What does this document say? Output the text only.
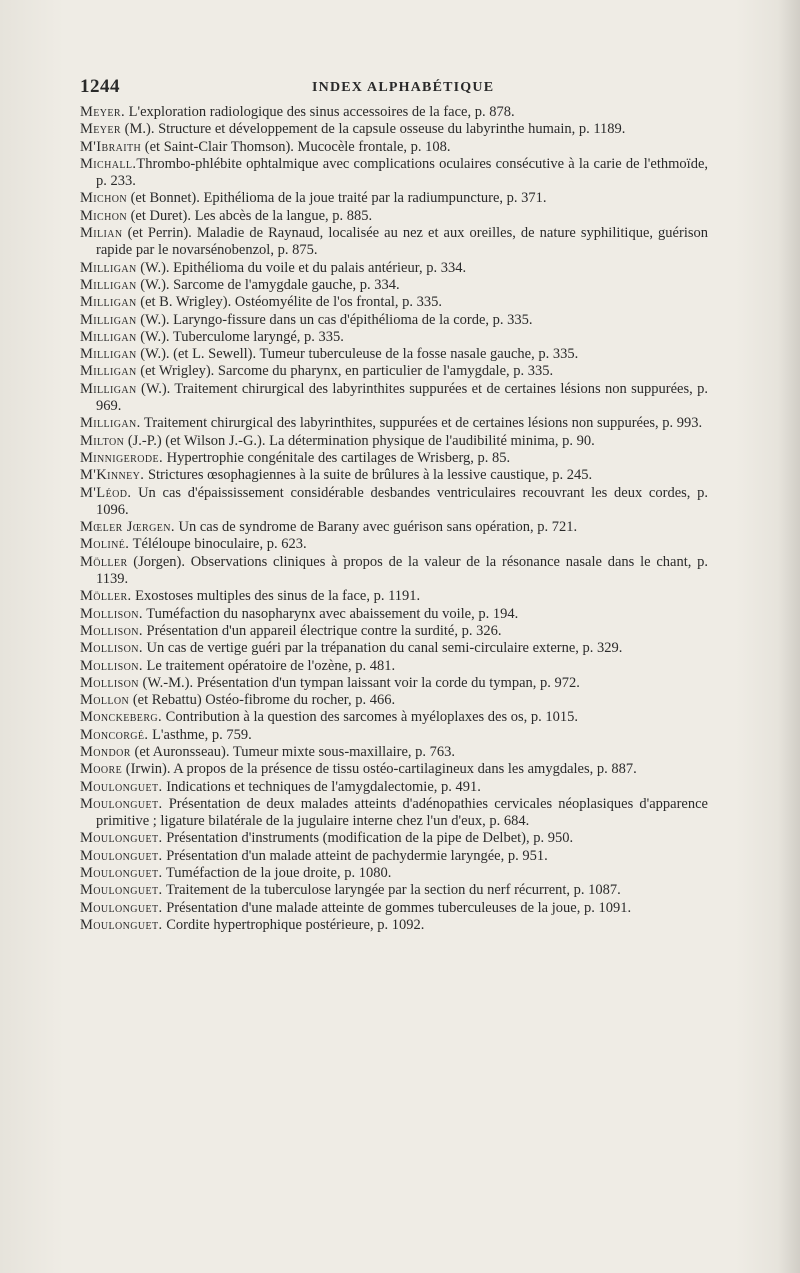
1244	INDEX ALPHABÉTIQUE

Meyer. L'exploration radiologique des sinus accessoires de la face, p. 878.

Meyer (M.). Structure et développement de la capsule osseuse du labyrinthe humain, p. 1189.

M'Ibraith (et Saint-Clair Thomson). Mucocèle frontale, p. 108.

Michall.Thrombo-phlébite ophtalmique avec complications oculaires consécutive à la carie de l'ethmoïde, p. 233.

Michon (et Bonnet). Epithélioma de la joue traité par la radiumpuncture, p. 371.

Michon (et Duret). Les abcès de la langue, p. 885.

Milian (et Perrin). Maladie de Raynaud, localisée au nez et aux oreilles, de nature syphilitique, guérison rapide par le novarsénobenzol, p. 875.

Milligan (W.). Epithélioma du voile et du palais antérieur, p. 334.

Milligan (W.). Sarcome de l'amygdale gauche, p. 334.

Milligan (et B. Wrigley). Ostéomyélite de l'os frontal, p. 335.

Milligan (W.). Laryngo-fissure dans un cas d'épithélioma de la corde, p. 335.

Milligan (W.). Tuberculome laryngé, p. 335.

Milligan (W.). (et L. Sewell). Tumeur tuberculeuse de la fosse nasale gauche, p. 335.

Milligan (et Wrigley). Sarcome du pharynx, en particulier de l'amygdale, p. 335.

Milligan (W.). Traitement chirurgical des labyrinthites suppurées et de certaines lésions non suppurées, p. 969.

Milligan. Traitement chirurgical des labyrinthites, suppurées et de certaines lésions non suppurées, p. 993.

Milton (J.-P.) (et Wilson J.-G.). La détermination physique de l'audibilité minima, p. 90.

Minnigerode. Hypertrophie congénitale des cartilages de Wrisberg, p. 85.

M'Kinney. Strictures œsophagiennes à la suite de brûlures à la lessive caustique, p. 245.

M'Léod. Un cas d'épaississement considérable desbandes ventriculaires recouvrant les deux cordes, p. 1096.

Mœler Jœrgen. Un cas de syndrome de Barany avec guérison sans opération, p. 721.

Moliné. Téléloupe binoculaire, p. 623.

Möller (Jorgen). Observations cliniques à propos de la valeur de la résonance nasale dans le chant, p. 1139.

Möller. Exostoses multiples des sinus de la face, p. 1191.

Mollison. Tuméfaction du nasopharynx avec abaissement du voile, p. 194.

Mollison. Présentation d'un appareil électrique contre la surdité, p. 326.

Mollison. Un cas de vertige guéri par la trépanation du canal semi-circulaire externe, p. 329.

Mollison. Le traitement opératoire de l'ozène, p. 481.

Mollison (W.-M.). Présentation d'un tympan laissant voir la corde du tympan, p. 972.

Mollon (et Rebattu) Ostéo-fibrome du rocher, p. 466.

Monckeberg. Contribution à la question des sarcomes à myéloplaxes des os, p. 1015.

Moncorgé. L'asthme, p. 759.

Mondor (et Auronsseau). Tumeur mixte sous-maxillaire, p. 763.

Moore (Irwin). A propos de la présence de tissu ostéo-cartilagineux dans les amygdales, p. 887.

Moulonguet. Indications et techniques de l'amygdalectomie, p. 491.

Moulonguet. Présentation de deux malades atteints d'adénopathies cervicales néoplasiques d'apparence primitive ; ligature bilatérale de la jugulaire interne chez l'un d'eux, p. 684.

Moulonguet. Présentation d'instruments (modification de la pipe de Delbet), p. 950.

Moulonguet. Présentation d'un malade atteint de pachydermie laryngée, p. 951.

Moulonguet. Tuméfaction de la joue droite, p. 1080.

Moulonguet. Traitement de la tuberculose laryngée par la section du nerf récurrent, p. 1087.

Moulonguet. Présentation d'une malade atteinte de gommes tuberculeuses de la joue, p. 1091.

Moulonguet. Cordite hypertrophique postérieure, p. 1092.
